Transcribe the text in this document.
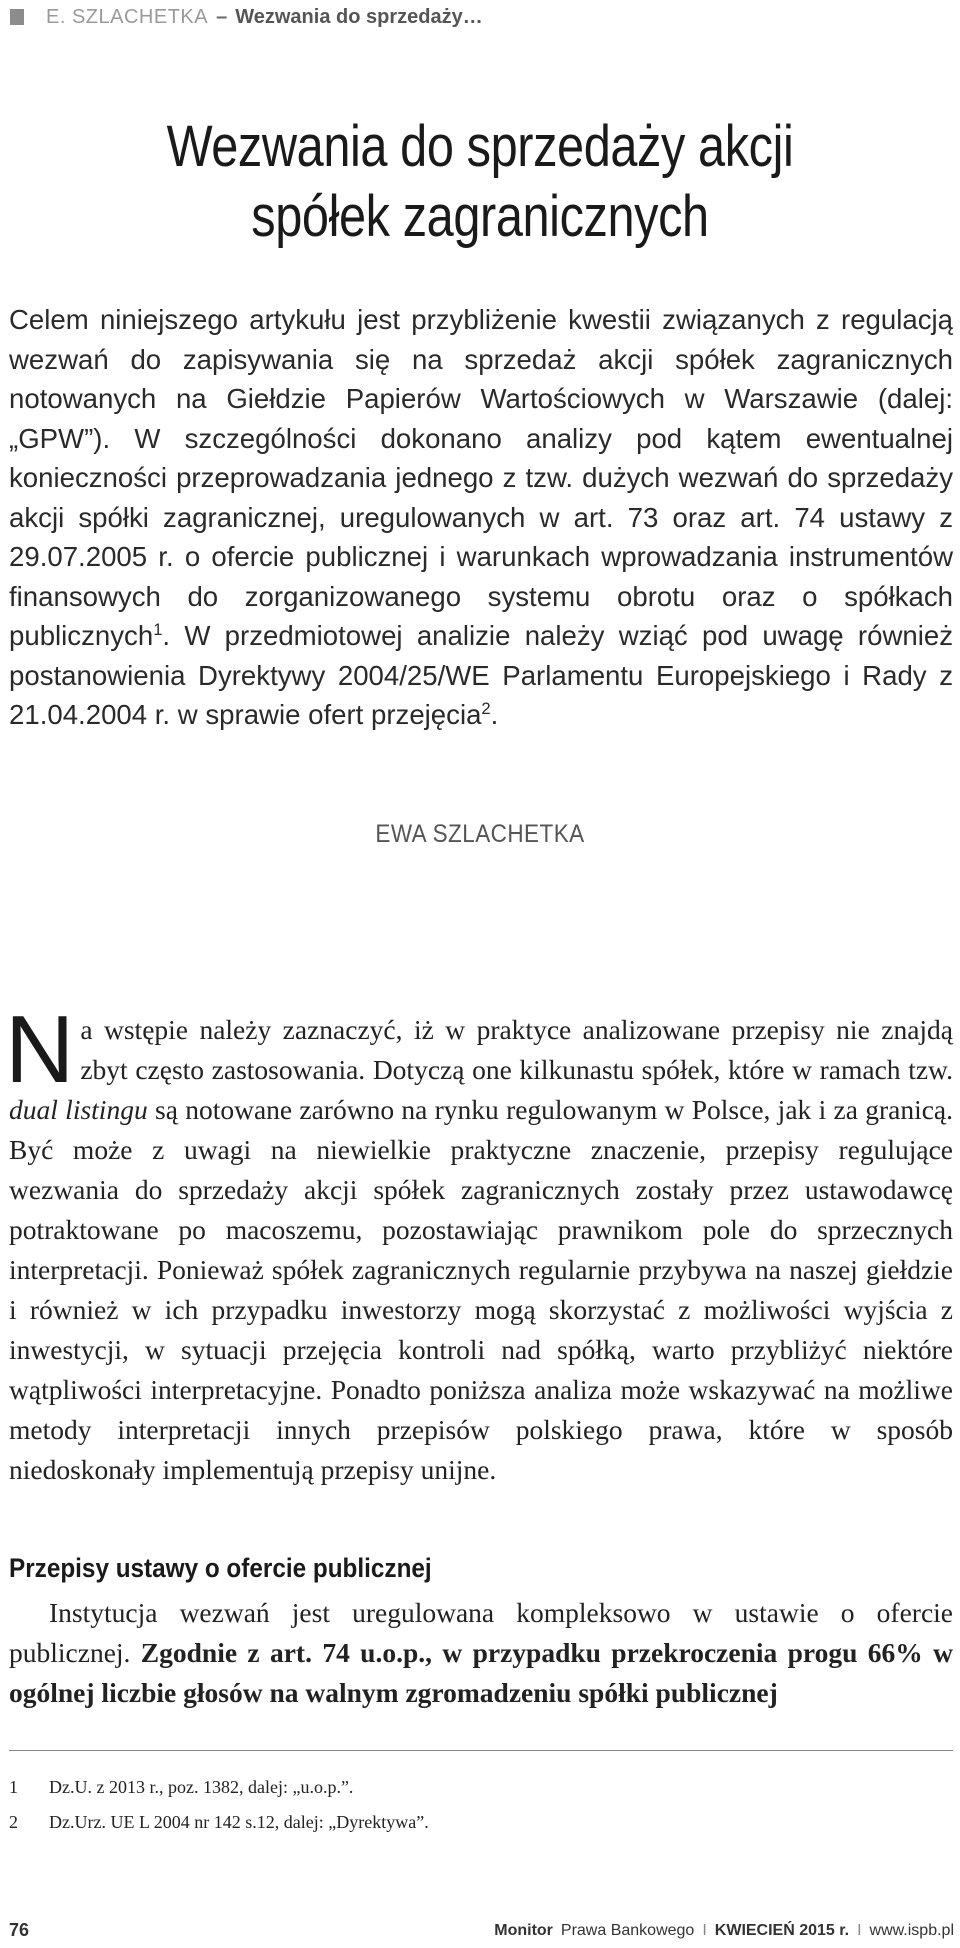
E. SZLACHETKA – Wezwania do sprzedaży…
Wezwania do sprzedaży akcji
spółek zagranicznych
Celem niniejszego artykułu jest przybliżenie kwestii związanych z regulacją wezwań do zapisywania się na sprzedaż akcji spółek zagranicznych notowanych na Giełdzie Papierów Wartościowych w Warszawie (dalej: „GPW”). W szczególności dokonano analizy pod kątem ewentualnej konieczności przeprowadzania jednego z tzw. dużych wezwań do sprzedaży akcji spółki zagranicznej, uregulowanych w art. 73 oraz art. 74 ustawy z 29.07.2005 r. o ofercie publicznej i warunkach wprowadzania instrumentów finansowych do zorganizowanego systemu obrotu oraz o spółkach publicznych$^1$. W przedmiotowej analizie należy wziąć pod uwagę również postanowienia Dyrektywy 2004/25/WE Parlamentu Europejskiego i Rady z 21.04.2004 r. w sprawie ofert przejęcia$^2$.
EWA SZLACHETKA
Na wstępie należy zaznaczyć, iż w praktyce analizowane przepisy nie znajdą zbyt często zastosowania. Dotyczą one kilkunastu spółek, które w ramach tzw. dual listingu są notowane zarówno na rynku regulowanym w Polsce, jak i za granicą. Być może z uwagi na niewielkie praktyczne znaczenie, przepisy regulujące wezwania do sprzedaży akcji spółek zagranicznych zostały przez ustawodawcę potraktowane po macoszemu, pozostawiając prawnikom pole do sprzecznych interpretacji. Ponieważ spółek zagranicznych regularnie przybywa na naszej giełdzie i również w ich przypadku inwestorzy mogą skorzystać z możliwości wyjścia z inwestycji, w sytuacji przejęcia kontroli nad spółką, warto przybliżyć niektóre wątpliwości interpretacyjne. Ponadto poniższa analiza może wskazywać na możliwe metody interpretacji innych przepisów polskiego prawa, które w sposób niedoskonały implementują przepisy unijne.
Przepisy ustawy o ofercie publicznej
Instytucja wezwań jest uregulowana kompleksowo w ustawie o ofercie publicznej. Zgodnie z art. 74 u.o.p., w przypadku przekroczenia progu 66% w ogólnej liczbie głosów na walnym zgromadzeniu spółki publicznej
1	Dz.U. z 2013 r., poz. 1382, dalej: „u.o.p.”.
2	Dz.Urz. UE L 2004 nr 142 s.12, dalej: „Dyrektywa”.
76	Monitor Prawa Bankowego I KWIECIEŃ 2015 r. I www.ispb.pl
